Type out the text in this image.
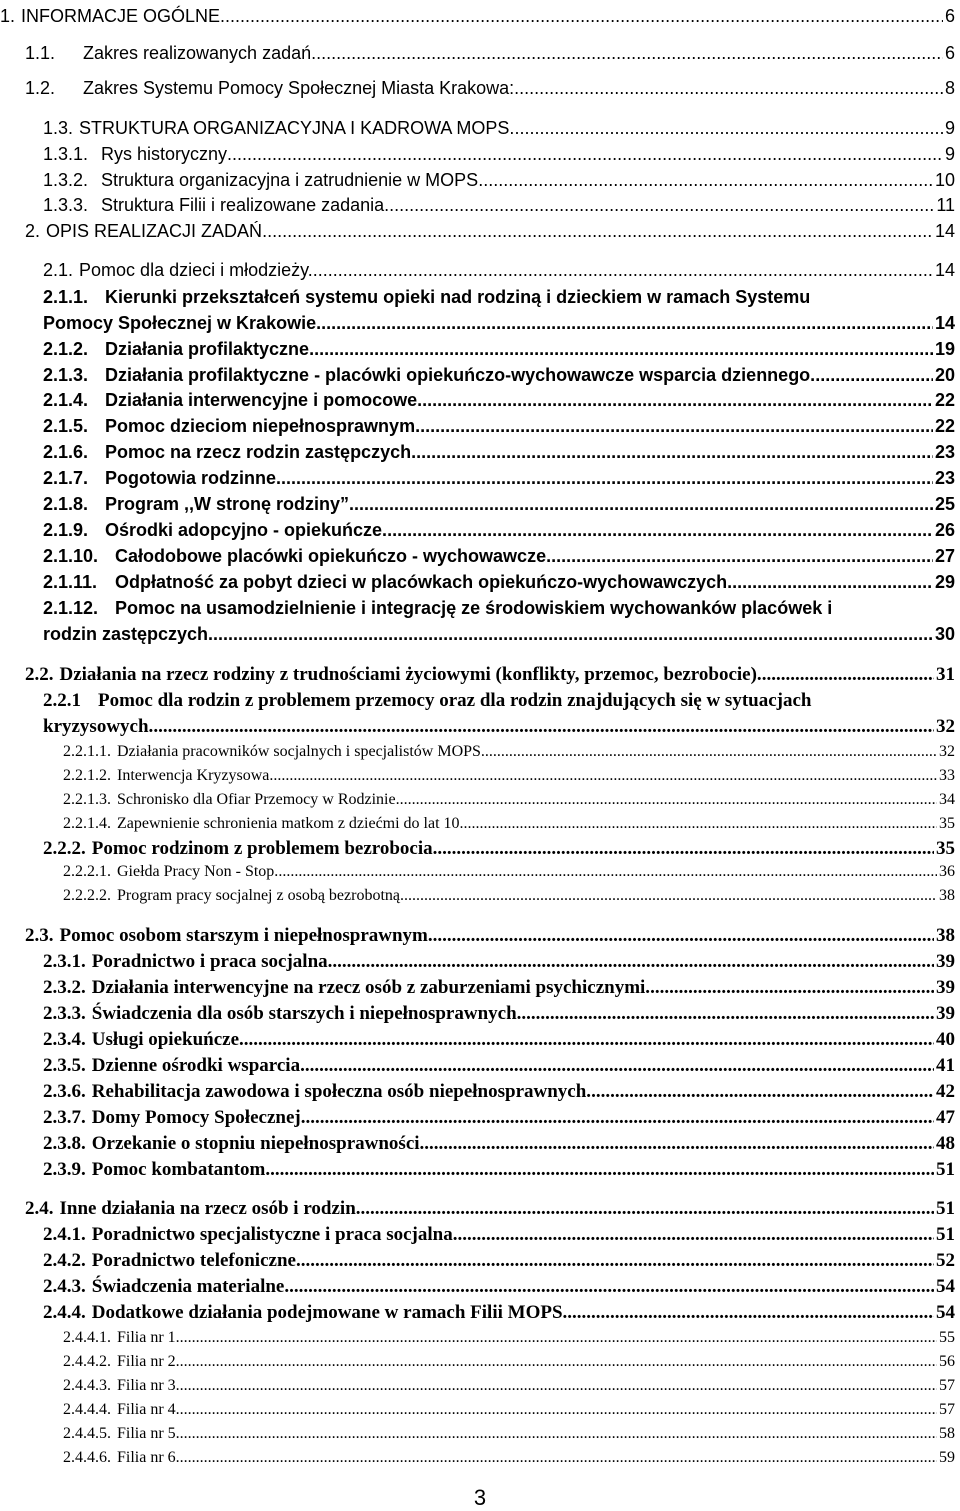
1. INFORMACJE OGÓLNE .....	6
1.1.	Zakres realizowanych zadań. .....	6
1.2.	Zakres Systemu Pomocy Społecznej Miasta Krakowa: .....	8
1.3. STRUKTURA ORGANIZACYJNA I KADROWA MOPS. .....	9
1.3.1. Rys historyczny .....	9
1.3.2. Struktura organizacyjna i zatrudnienie w MOPS .....	10
1.3.3. Struktura Filii i realizowane zadania. .....	11
2. OPIS REALIZACJI ZADAŃ .....	14
2.1. Pomoc dla dzieci i młodzieży. .....	14
2.1.1. Kierunki przekształceń systemu opieki nad rodziną i dzieckiem w ramach Systemu
Pomocy Społecznej w Krakowie. .....	14
2.1.2. Działania profilaktyczne. .....	19
2.1.3. Działania profilaktyczne - placówki opiekuńczo-wychowawcze wsparcia dziennego. .....	20
2.1.4. Działania interwencyjne i pomocowe. .....	22
2.1.5. Pomoc dzieciom niepełnosprawnym. .....	22
2.1.6. Pomoc na rzecz rodzin zastępczych. .....	23
2.1.7. Pogotowia rodzinne. .....	23
2.1.8. Program ,,W stronę rodziny”. .....	25
2.1.9. Ośrodki adopcyjno - opiekuńcze. .....	26
2.1.10. Całodobowe placówki opiekuńczo - wychowawcze. .....	27
2.1.11. Odpłatność za pobyt dzieci w placówkach opiekuńczo-wychowawczych. .....	29
2.1.12. Pomoc na usamodzielnienie i integrację ze środowiskiem wychowanków placówek i
rodzin zastępczych. .....	30
2.2. Działania na rzecz rodziny z trudnościami życiowymi (konflikty, przemoc, bezrobocie). .....	31
2.2.1 Pomoc dla rodzin z problemem przemocy oraz dla rodzin znajdujących się w sytuacjach
kryzysowych. .....	32
2.2.1.1. Działania pracowników socjalnych i specjalistów MOPS. .....	32
2.2.1.2. Interwencja Kryzysowa. .....	33
2.2.1.3. Schronisko dla Ofiar Przemocy w Rodzinie. .....	34
2.2.1.4. Zapewnienie schronienia matkom z dziećmi do lat 10. .....	35
2.2.2. Pomoc rodzinom z problemem bezrobocia. .....	35
2.2.2.1. Giełda Pracy Non - Stop. .....	36
2.2.2.2. Program pracy socjalnej z osobą bezrobotną. .....	38
2.3. Pomoc osobom starszym i niepełnosprawnym. .....	38
2.3.1. Poradnictwo i praca socjalna. .....	39
2.3.2. Działania interwencyjne na rzecz osób z zaburzeniami psychicznymi. .....	39
2.3.3. Świadczenia dla osób starszych i niepełnosprawnych. .....	39
2.3.4. Usługi opiekuńcze. .....	40
2.3.5. Dzienne ośrodki wsparcia. .....	41
2.3.6. Rehabilitacja zawodowa i społeczna osób niepełnosprawnych. .....	42
2.3.7. Domy Pomocy Społecznej. .....	47
2.3.8. Orzekanie o stopniu niepełnosprawności. .....	48
2.3.9. Pomoc kombatantom. .....	51
2.4. Inne działania na rzecz osób i rodzin .....	51
2.4.1. Poradnictwo specjalistyczne i praca socjalna .....	51
2.4.2. Poradnictwo telefoniczne. .....	52
2.4.3. Świadczenia materialne. .....	54
2.4.4. Dodatkowe działania podejmowane w ramach Filii MOPS. .....	54
2.4.4.1. Filia nr 1 .....	55
2.4.4.2. Filia nr 2 .....	56
2.4.4.3. Filia nr 3 .....	57
2.4.4.4. Filia nr 4 .....	57
2.4.4.5. Filia nr 5 .....	58
2.4.4.6. Filia nr 6 .....	59
3
